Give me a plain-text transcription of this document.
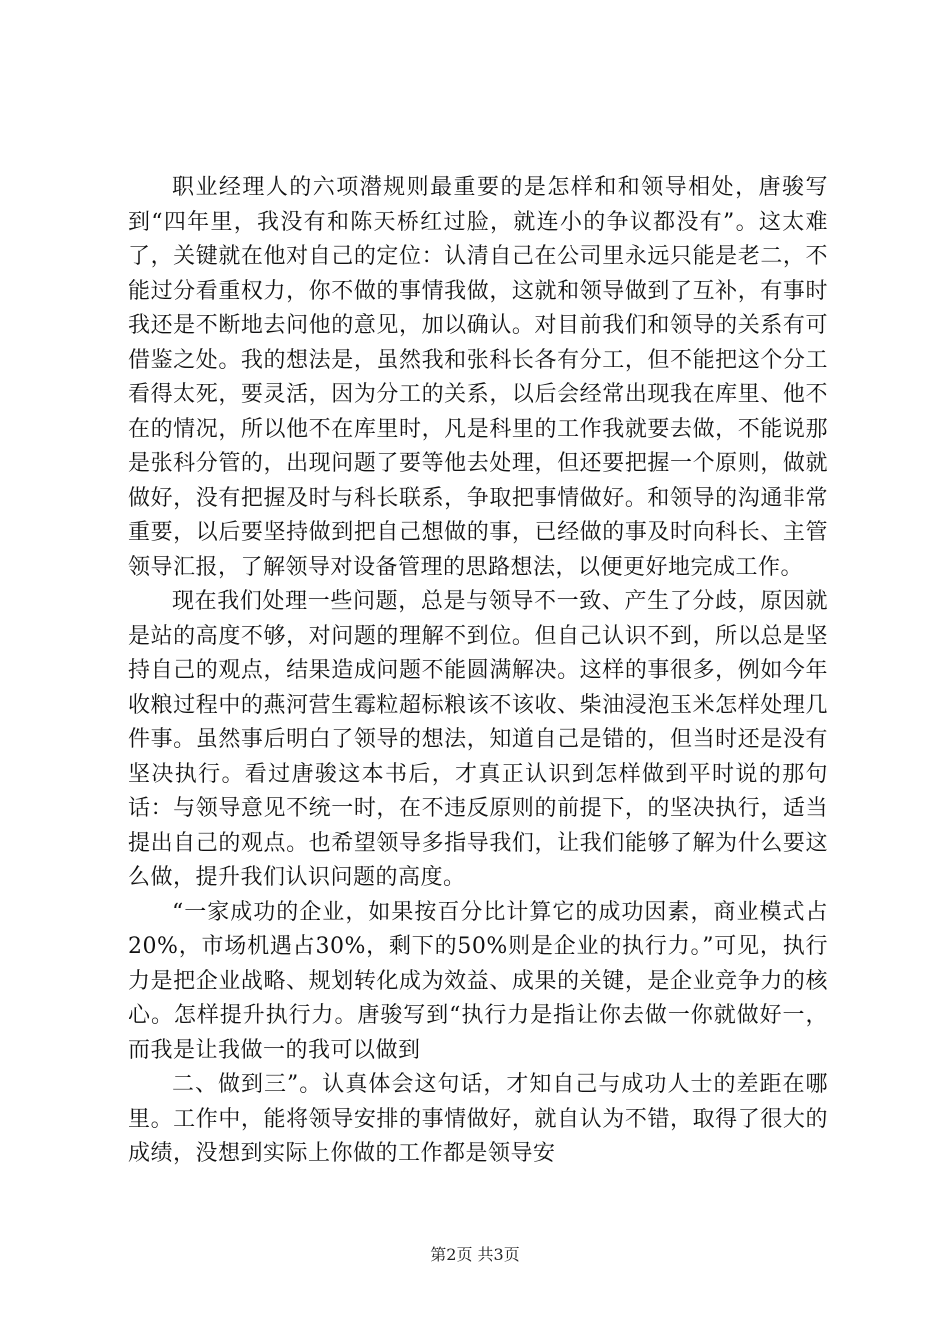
职业经理人的六项潜规则最重要的是怎样和和领导相处，唐骏写到“四年里，我没有和陈天桥红过脸，就连小的争议都没有”。这太难了，关键就在他对自己的定位：认清自己在公司里永远只能是老二，不能过分看重权力，你不做的事情我做，这就和领导做到了互补，有事时我还是不断地去问他的意见，加以确认。对目前我们和领导的关系有可借鉴之处。我的想法是，虽然我和张科长各有分工，但不能把这个分工看得太死，要灵活，因为分工的关系，以后会经常出现我在库里、他不在的情况，所以他不在库里时，凡是科里的工作我就要去做，不能说那是张科分管的，出现问题了要等他去处理，但还要把握一个原则，做就做好，没有把握及时与科长联系，争取把事情做好。和领导的沟通非常重要，以后要坚持做到把自己想做的事，已经做的事及时向科长、主管领导汇报，了解领导对设备管理的思路想法，以便更好地完成工作。

现在我们处理一些问题，总是与领导不一致、产生了分歧，原因就是站的高度不够，对问题的理解不到位。但自己认识不到，所以总是坚持自己的观点，结果造成问题不能圆满解决。这样的事很多，例如今年收粮过程中的燕河营生霉粒超标粮该不该收、柴油浸泡玉米怎样处理几件事。虽然事后明白了领导的想法，知道自己是错的，但当时还是没有坚决执行。看过唐骏这本书后，才真正认识到怎样做到平时说的那句话：与领导意见不统一时，在不违反原则的前提下，的坚决执行，适当提出自己的观点。也希望领导多指导我们，让我们能够了解为什么要这么做，提升我们认识问题的高度。

“一家成功的企业，如果按百分比计算它的成功因素，商业模式占20%，市场机遇占30%，剩下的50%则是企业的执行力。”可见，执行力是把企业战略、规划转化成为效益、成果的关键，是企业竞争力的核心。怎样提升执行力。唐骏写到“执行力是指让你去做一你就做好一，而我是让我做一的我可以做到

二、做到三”。认真体会这句话，才知自己与成功人士的差距在哪里。工作中，能将领导安排的事情做好，就自认为不错，取得了很大的成绩，没想到实际上你做的工作都是领导安

第2页 共3页
